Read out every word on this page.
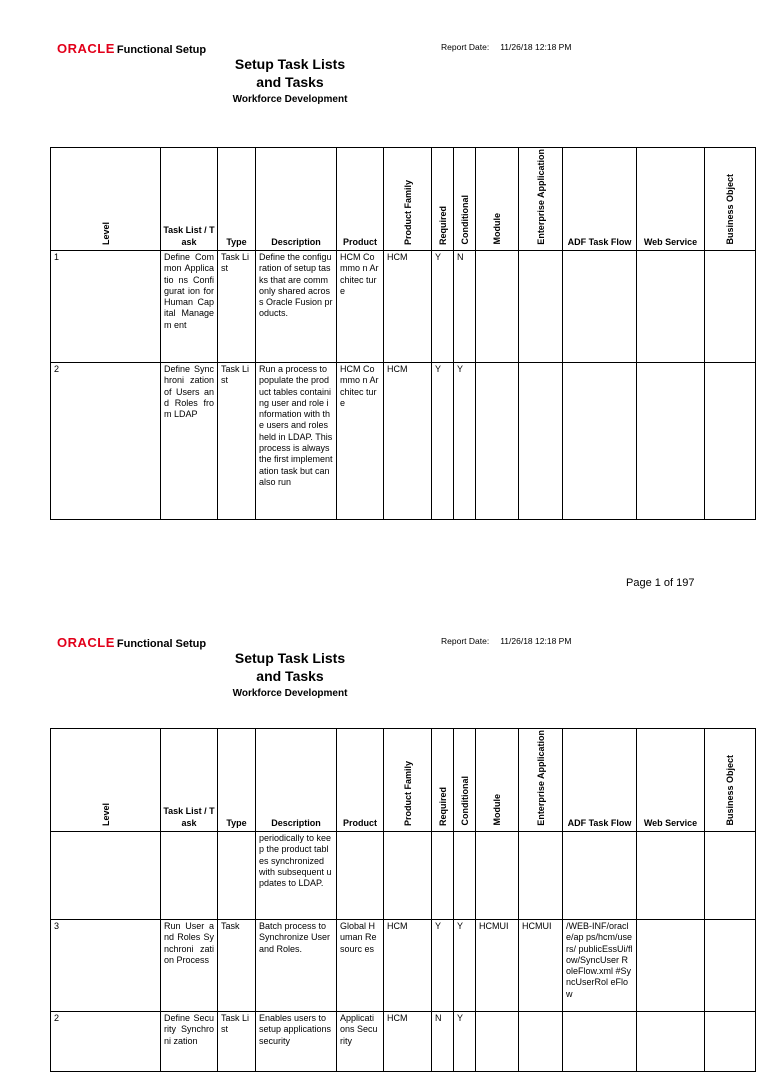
ORACLE Functional Setup	Report Date: 11/26/18 12:18 PM
Setup Task Lists
and Tasks
Workforce Development
Level	Task List / Task	Type	Description	Product	Product Family	Required	Conditional	Module	Enterprise Application	ADF Task Flow	Web Service	Business Object
1	Define Common Applicatio ns Configurat ion for Human Capital Managem ent	Task List	Define the configuration of setup tasks that are commonly shared across Oracle Fusion products.	HCM Commo n Architec ture	HCM	Y	N					
2	Define Synchroni zation of Users and Roles from LDAP	Task List	Run a process to populate the product tables containing user and role information with the users and roles held in LDAP. This process is always the first implementation task but can also run	HCM Commo n Architec ture	HCM	Y	Y					
Page 1 of 197
ORACLE Functional Setup	Report Date: 11/26/18 12:18 PM
Setup Task Lists
and Tasks
Workforce Development
Level	Task List / Task	Type	Description	Product	Product Family	Required	Conditional	Module	Enterprise Application	ADF Task Flow	Web Service	Business Object
			periodically to keep the product tables synchronized with subsequent updates to LDAP.									
3	Run User and Roles Synchroni zation Process	Task	Batch process to Synchronize User and Roles.	Global Human Resourc es	HCM	Y	Y	HCMUI	HCMUI	/WEB-INF/oracle/ap ps/hcm/users/ publicEssUi/fl ow/SyncUser RoleFlow.xml #SyncUserRol eFlow		
2	Define Security Synchroni zation	Task List	Enables users to setup applications security	Applicati ons Security	HCM	N	Y					
